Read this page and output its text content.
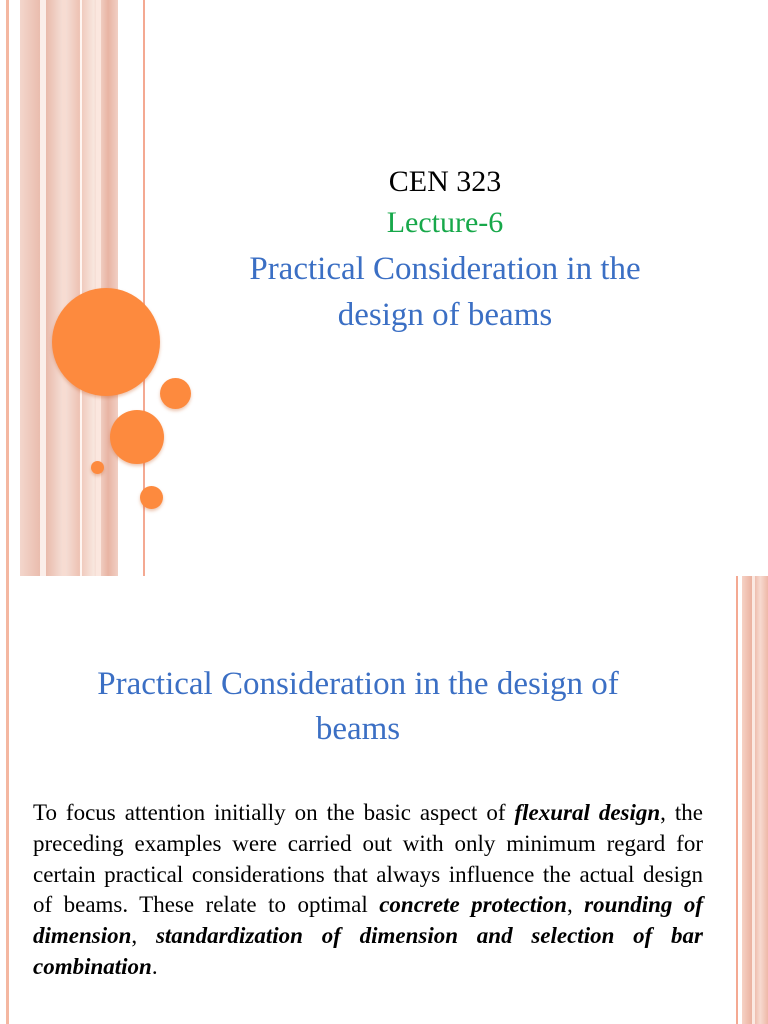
CEN 323
Lecture-6
Practical Consideration in the
design of beams
Practical Consideration in the design of
beams
To focus attention initially on the basic aspect of flexural design, the preceding examples were carried out with only minimum regard for certain practical considerations that always influence the actual design of beams. These relate to optimal concrete protection, rounding of dimension, standardization of dimension and selection of bar combination.
